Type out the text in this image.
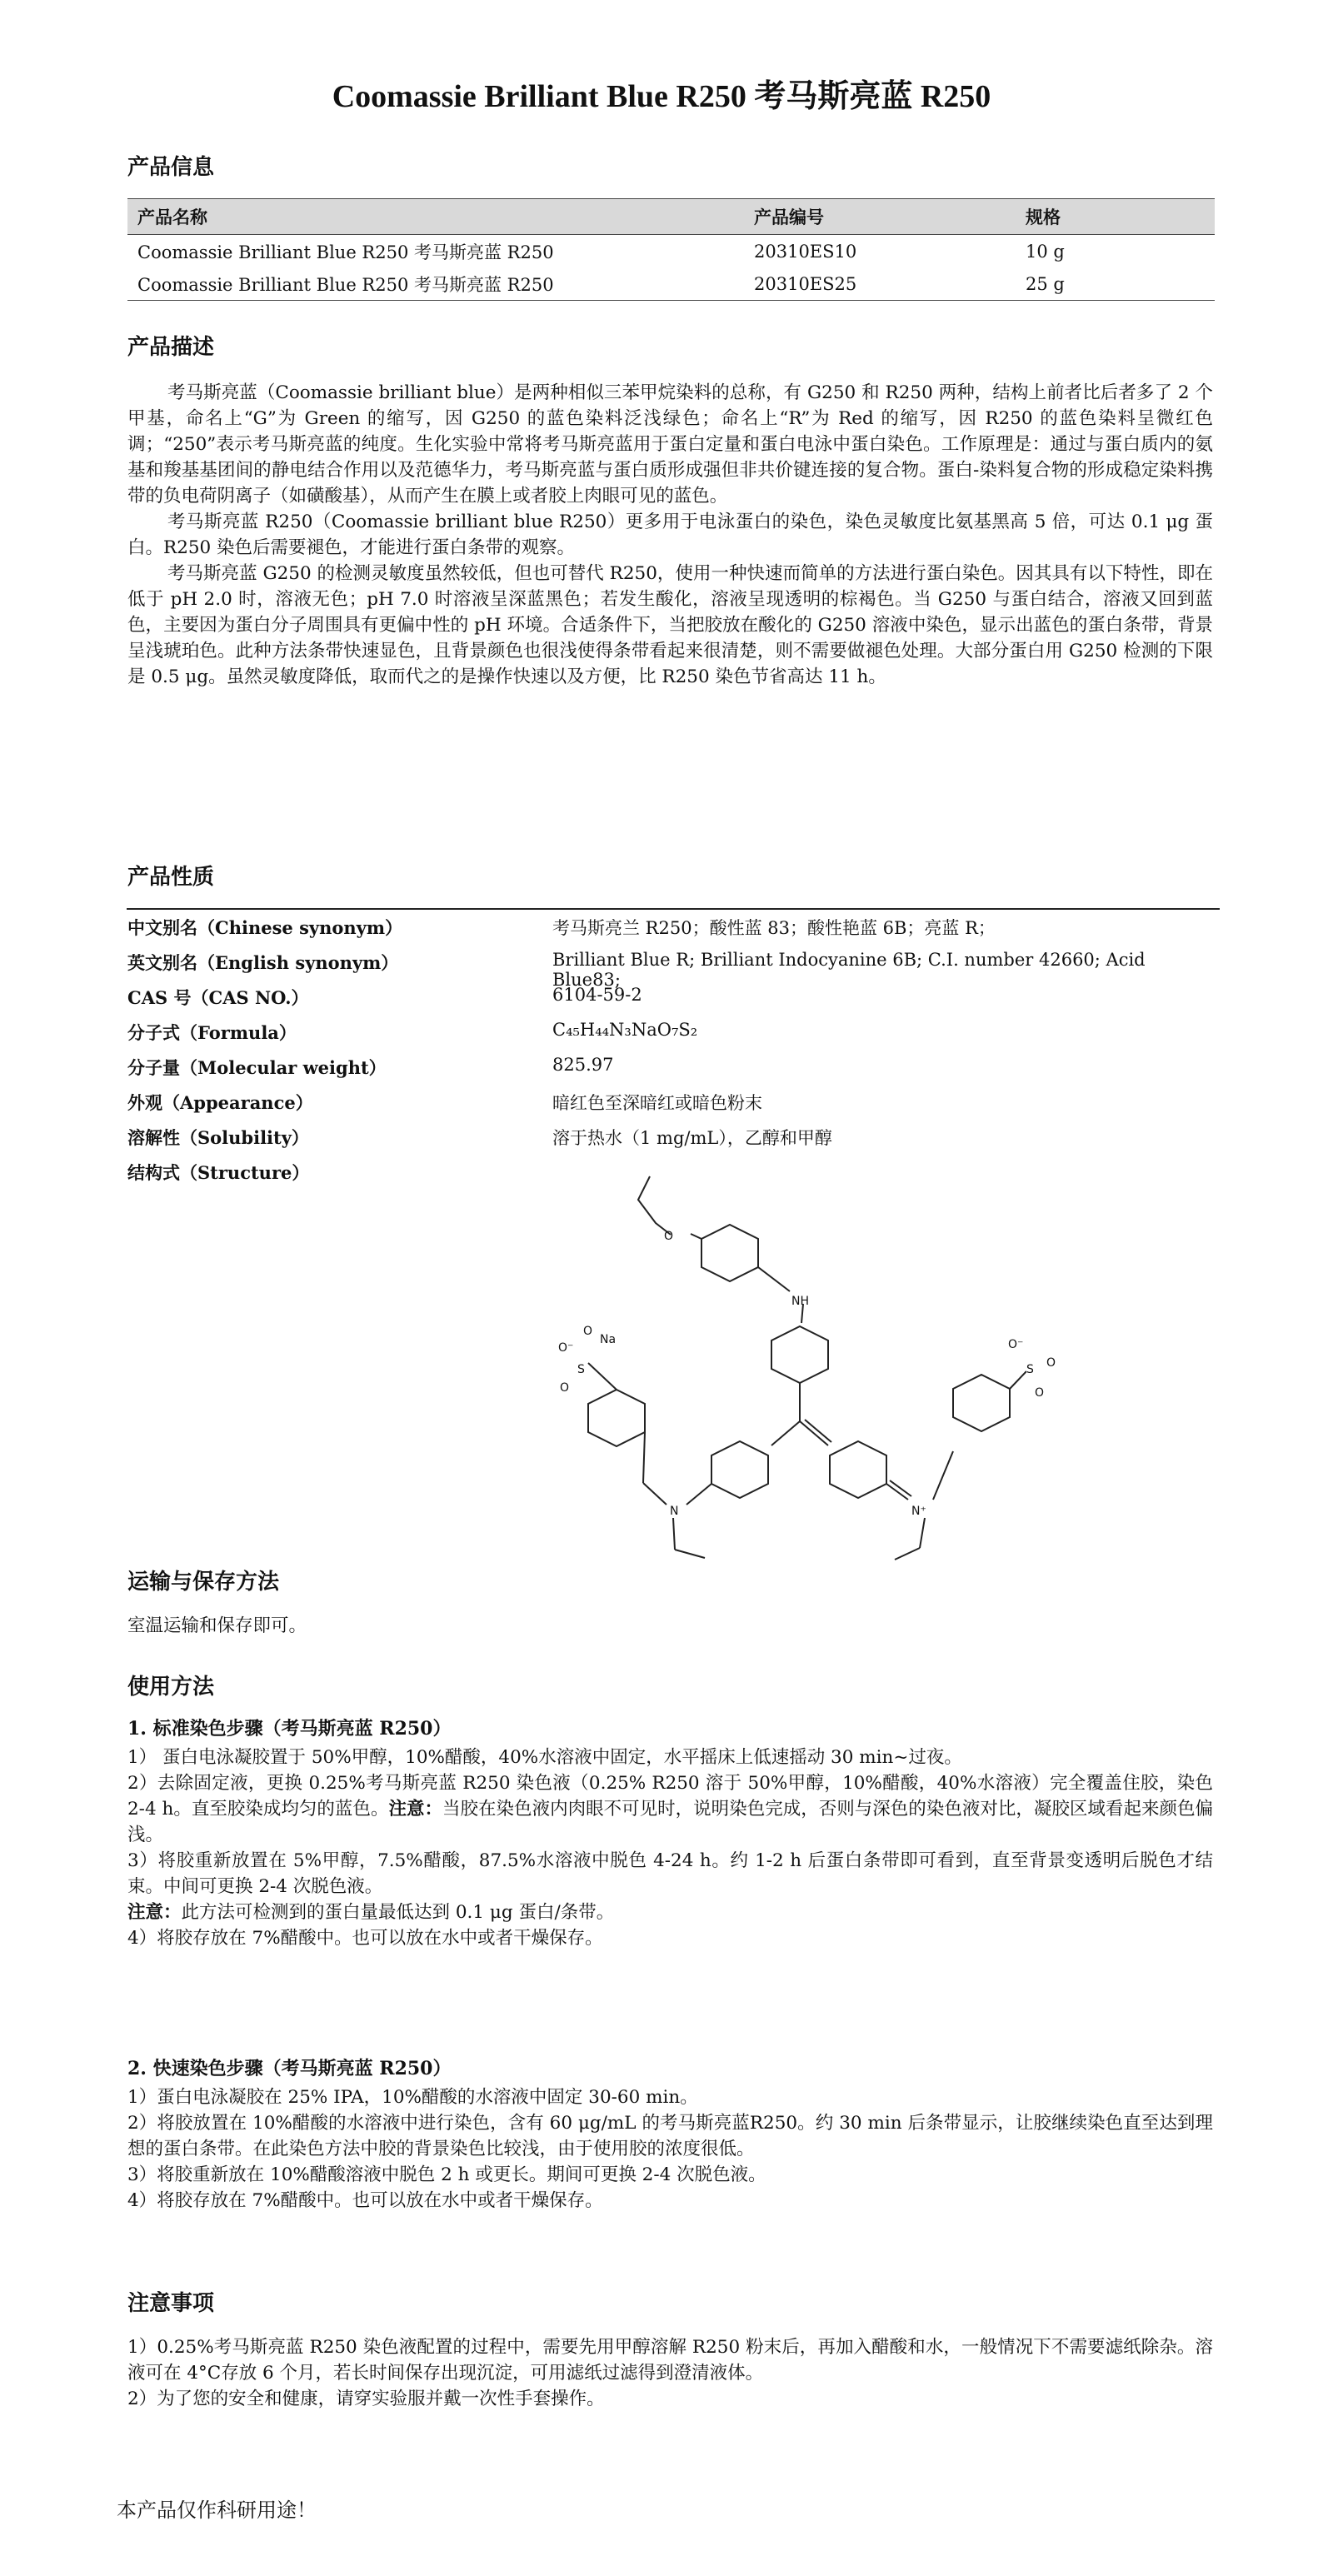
Coomassie Brilliant Blue R250 考马斯亮蓝 R250
产品信息
产品名称	产品编号	规格
Coomassie Brilliant Blue R250 考马斯亮蓝 R250	20310ES10	10 g
Coomassie Brilliant Blue R250 考马斯亮蓝 R250	20310ES25	25 g
产品描述

考马斯亮蓝（Coomassie brilliant blue）是两种相似三苯甲烷染料的总称，有 G250 和 R250 两种，结构上前者比后者多了 2 个甲基，命名上“G”为 Green 的缩写，因 G250 的蓝色染料泛浅绿色；命名上“R”为 Red 的缩写，因 R250 的蓝色染料呈微红色调；“250”表示考马斯亮蓝的纯度。生化实验中常将考马斯亮蓝用于蛋白定量和蛋白电泳中蛋白染色。工作原理是：通过与蛋白质内的氨基和羧基基团间的静电结合作用以及范德华力，考马斯亮蓝与蛋白质形成强但非共价键连接的复合物。蛋白-染料复合物的形成稳定染料携带的负电荷阴离子（如磺酸基），从而产生在膜上或者胶上肉眼可见的蓝色。

考马斯亮蓝 R250（Coomassie brilliant blue R250）更多用于电泳蛋白的染色，染色灵敏度比氨基黑高 5 倍，可达 0.1 μg 蛋白。R250 染色后需要褪色，才能进行蛋白条带的观察。

考马斯亮蓝 G250 的检测灵敏度虽然较低，但也可替代 R250，使用一种快速而简单的方法进行蛋白染色。因其具有以下特性，即在低于 pH 2.0 时，溶液无色；pH 7.0 时溶液呈深蓝黑色；若发生酸化，溶液呈现透明的棕褐色。当 G250 与蛋白结合，溶液又回到蓝色，主要因为蛋白分子周围具有更偏中性的 pH 环境。合适条件下，当把胶放在酸化的 G250 溶液中染色，显示出蓝色的蛋白条带，背景呈浅琥珀色。此种方法条带快速显色，且背景颜色也很浅使得条带看起来很清楚，则不需要做褪色处理。大部分蛋白用 G250 检测的下限是 0.5 μg。虽然灵敏度降低，取而代之的是操作快速以及方便，比 R250 染色节省高达 11 h。

产品性质
中文别名（Chinese synonym）	考马斯亮兰 R250；酸性蓝 83；酸性艳蓝 6B；亮蓝 R；
英文别名（English synonym）	Brilliant Blue R; Brilliant Indocyanine 6B; C.I. number 42660; Acid Blue83;
CAS 号（CAS NO.）	6104-59-2
分子式（Formula）	C₄₅H₄₄N₃NaO₇S₂
分子量（Molecular weight）	825.97
外观（Appearance）	暗红色至深暗红或暗色粉末
溶解性（Solubility）	溶于热水（1 mg/mL），乙醇和甲醇
结构式（Structure）
O
NH
Na
S
O⁻
O
O
N	N⁺
S
O⁻
O
O
运输与保存方法
室温运输和保存即可。
使用方法
1. 标准染色步骤（考马斯亮蓝 R250）

1） 蛋白电泳凝胶置于 50%甲醇，10%醋酸，40%水溶液中固定，水平摇床上低速摇动 30 min~过夜。

2）去除固定液，更换 0.25%考马斯亮蓝 R250 染色液（0.25% R250 溶于 50%甲醇，10%醋酸，40%水溶液）完全覆盖住胶，染色 2-4 h。直至胶染成均匀的蓝色。注意：当胶在染色液内肉眼不可见时，说明染色完成，否则与深色的染色液对比，凝胶区域看起来颜色偏浅。

3）将胶重新放置在 5%甲醇，7.5%醋酸，87.5%水溶液中脱色 4-24 h。约 1-2 h 后蛋白条带即可看到，直至背景变透明后脱色才结束。中间可更换 2-4 次脱色液。

注意：此方法可检测到的蛋白量最低达到 0.1 μg 蛋白/条带。

4）将胶存放在 7%醋酸中。也可以放在水中或者干燥保存。

2. 快速染色步骤（考马斯亮蓝 R250）

1）蛋白电泳凝胶在 25% IPA，10%醋酸的水溶液中固定 30-60 min。

2）将胶放置在 10%醋酸的水溶液中进行染色，含有 60 μg/mL 的考马斯亮蓝R250。约 30 min 后条带显示，让胶继续染色直至达到理想的蛋白条带。在此染色方法中胶的背景染色比较浅，由于使用胶的浓度很低。

3）将胶重新放在 10%醋酸溶液中脱色 2 h 或更长。期间可更换 2-4 次脱色液。

4）将胶存放在 7%醋酸中。也可以放在水中或者干燥保存。

注意事项

1）0.25%考马斯亮蓝 R250 染色液配置的过程中，需要先用甲醇溶解 R250 粉末后，再加入醋酸和水，一般情况下不需要滤纸除杂。溶液可在 4°C存放 6 个月，若长时间保存出现沉淀，可用滤纸过滤得到澄清液体。

2）为了您的安全和健康，请穿实验服并戴一次性手套操作。

本产品仅作科研用途！
